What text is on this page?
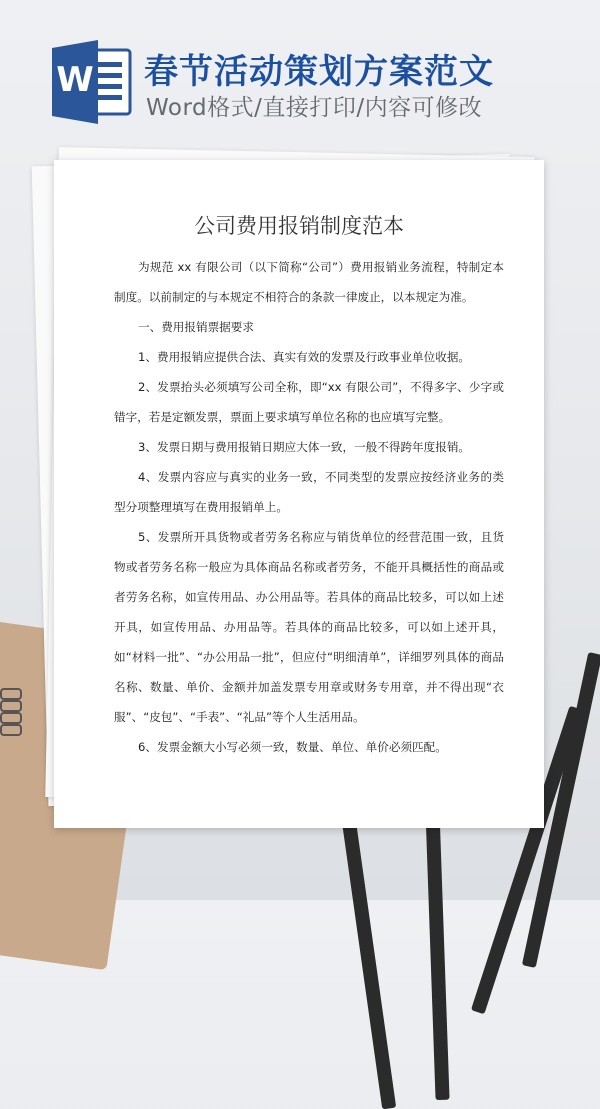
W 春节活动策划方案范文
Word格式/直接打印/内容可修改
公司费用报销制度范本

为规范 xx 有限公司（以下简称“公司”）费用报销业务流程，特制定本制度。以前制定的与本规定不相符合的条款一律废止，以本规定为准。

一、费用报销票据要求

1、费用报销应提供合法、真实有效的发票及行政事业单位收据。

2、发票抬头必须填写公司全称，即“xx 有限公司”，不得多字、少字或错字，若是定额发票，票面上要求填写单位名称的也应填写完整。

3、发票日期与费用报销日期应大体一致，一般不得跨年度报销。

4、发票内容应与真实的业务一致，不同类型的发票应按经济业务的类型分项整理填写在费用报销单上。

5、发票所开具货物或者劳务名称应与销货单位的经营范围一致，且货物或者劳务名称一般应为具体商品名称或者劳务，不能开具概括性的商品或者劳务名称，如宣传用品、办公用品等。若具体的商品比较多，可以如上述开具，如宣传用品、办用品等。若具体的商品比较多，可以如上述开具，如“材料一批”、“办公用品一批”，但应付“明细清单”，详细罗列具体的商品名称、数量、单价、金额并加盖发票专用章或财务专用章，并不得出现“衣服”、“皮包”、“手表”、“礼品”等个人生活用品。

6、发票金额大小写必须一致，数量、单位、单价必须匹配。
